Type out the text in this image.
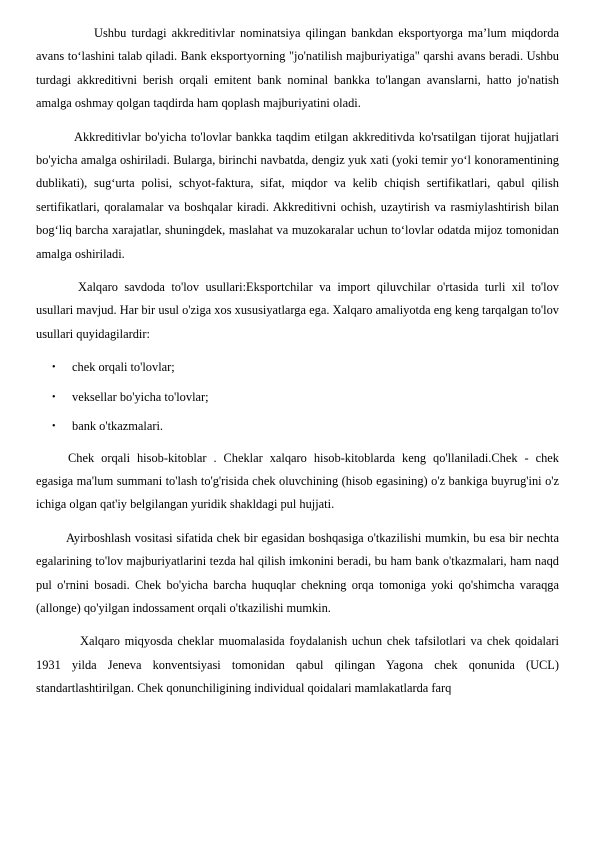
Ushbu turdagi akkreditivlar nominatsiya qilingan bankdan eksportyorga ma’lum miqdorda avans to‘lashini talab qiladi. Bank eksportyorning "jo'natilish majburiyatiga" qarshi avans beradi. Ushbu turdagi akkreditivni berish orqali emitent bank nominal bankka to'langan avanslarni, hatto jo'natish amalga oshmay qolgan taqdirda ham qoplash majburiyatini oladi.

Akkreditivlar bo'yicha to'lovlar bankka taqdim etilgan akkreditivda ko'rsatilgan tijorat hujjatlari bo'yicha amalga oshiriladi. Bularga, birinchi navbatda, dengiz yuk xati (yoki temir yo‘l konoramentining dublikati), sug‘urta polisi, schyot-faktura, sifat, miqdor va kelib chiqish sertifikatlari, qabul qilish sertifikatlari, qoralamalar va boshqalar kiradi. Akkreditivni ochish, uzaytirish va rasmiylashtirish bilan bog‘liq barcha xarajatlar, shuningdek, maslahat va muzokaralar uchun to‘lovlar odatda mijoz tomonidan amalga oshiriladi.

Xalqaro savdoda to'lov usullari:Eksportchilar va import qiluvchilar o'rtasida turli xil to'lov usullari mavjud. Har bir usul o'ziga xos xususiyatlarga ega. Xalqaro amaliyotda eng keng tarqalgan to'lov usullari quyidagilardir:

• chek orqali to'lovlar;
• veksellar bo'yicha to'lovlar;
• bank o'tkazmalari.

Chek orqali hisob-kitoblar . Cheklar xalqaro hisob-kitoblarda keng qo'llaniladi.Chek - chek egasiga ma'lum summani to'lash to'g'risida chek oluvchining (hisob egasining) o'z bankiga buyrug'ini o'z ichiga olgan qat'iy belgilangan yuridik shakldagi pul hujjati.

Ayirboshlash vositasi sifatida chek bir egasidan boshqasiga o'tkazilishi mumkin, bu esa bir nechta egalarining to'lov majburiyatlarini tezda hal qilish imkonini beradi, bu ham bank o'tkazmalari, ham naqd pul o'rnini bosadi. Chek bo'yicha barcha huquqlar chekning orqa tomoniga yoki qo'shimcha varaqga (allonge) qo'yilgan indossament orqali o'tkazilishi mumkin.

Xalqaro miqyosda cheklar muomalasida foydalanish uchun chek tafsilotlari va chek qoidalari 1931 yilda Jeneva konventsiyasi tomonidan qabul qilingan Yagona chek qonunida (UCL) standartlashtirilgan. Chek qonunchiligining individual qoidalari mamlakatlarda farq
